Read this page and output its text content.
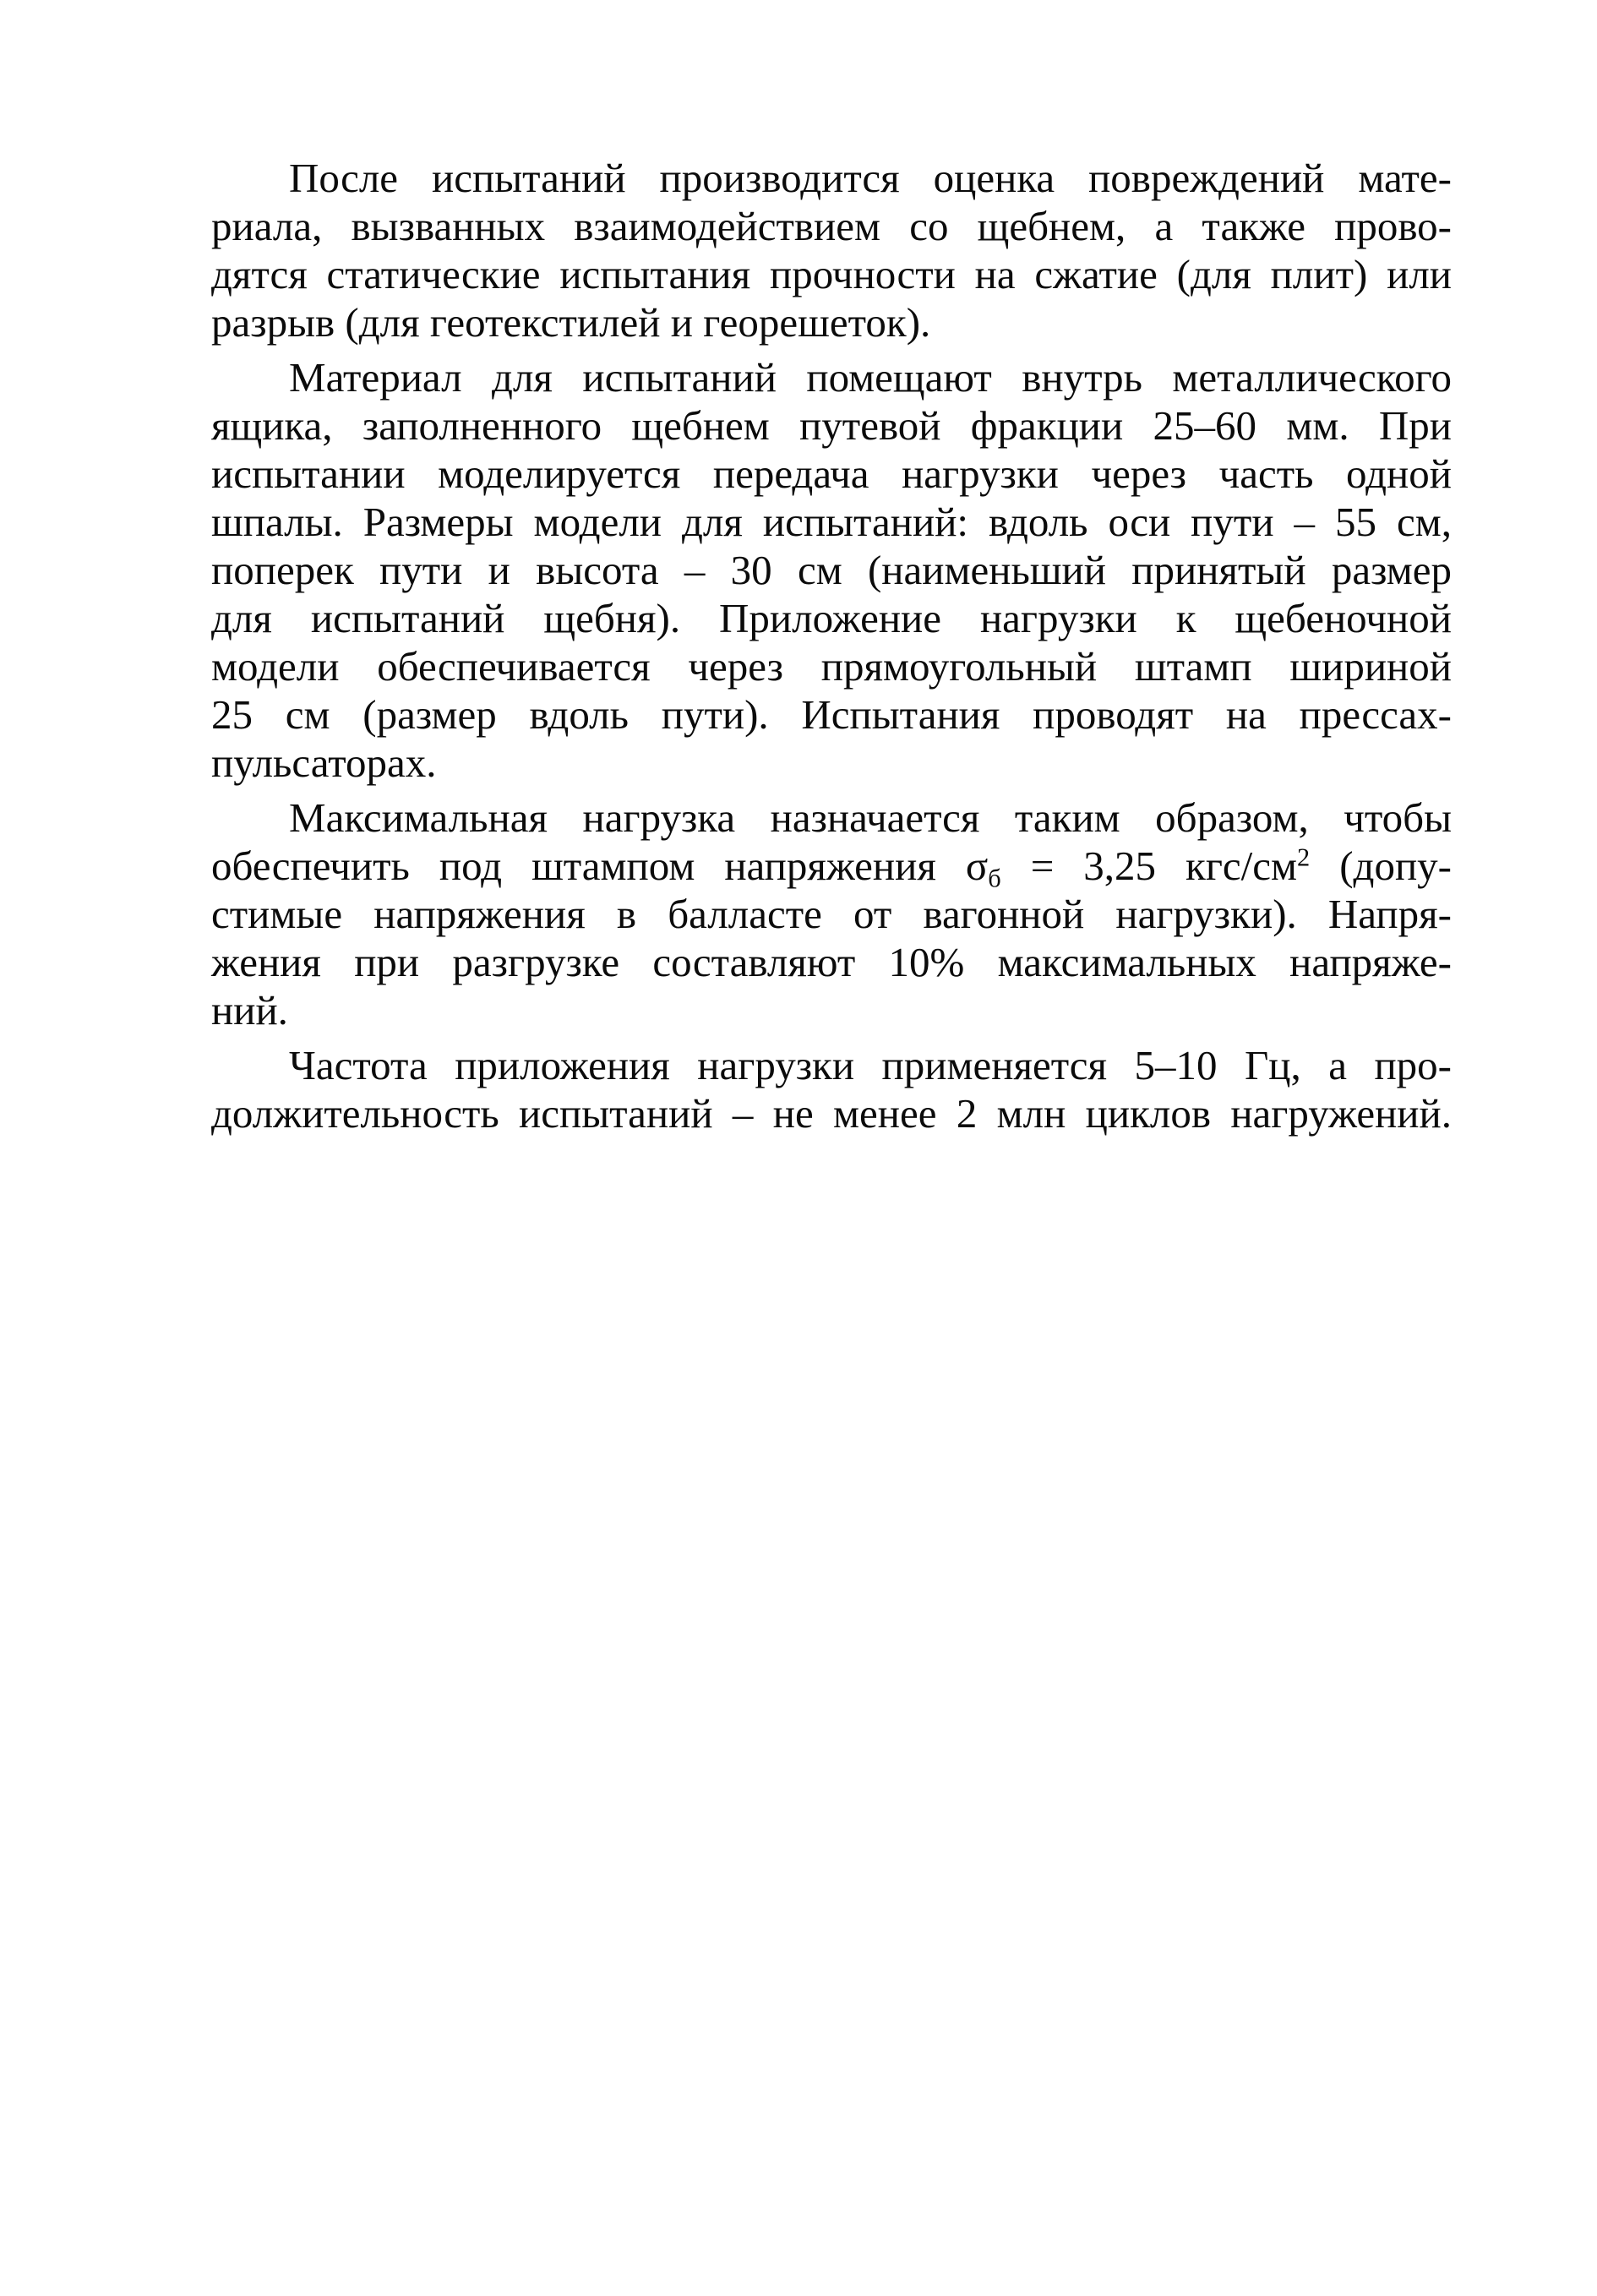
После испытаний производится оценка повреждений мате-
риала, вызванных взаимодействием со щебнем, а также прово-
дятся статические испытания прочности на сжатие (для плит) или
разрыв (для геотекстилей и георешеток).

Материал для испытаний помещают внутрь металлического
ящика, заполненного щебнем путевой фракции 25–60 мм. При
испытании моделируется передача нагрузки через часть одной
шпалы. Размеры модели для испытаний: вдоль оси пути – 55 см,
поперек пути и высота – 30 см (наименьший принятый размер
для испытаний щебня). Приложение нагрузки к щебеночной
модели обеспечивается через прямоугольный штамп шириной
25 см (размер вдоль пути). Испытания проводят на прессах-
пульсаторах.

Максимальная нагрузка назначается таким образом, чтобы
обеспечить под штампом напряжения $\sigma_б = 3,25$ кгс/$см^2$ (допу-
стимые напряжения в балласте от вагонной нагрузки). Напря-
жения при разгрузке составляют 10% максимальных напряже-
ний.

Частота приложения нагрузки применяется 5–10 Гц, а про-
должительность испытаний – не менее 2 млн циклов нагружений.
